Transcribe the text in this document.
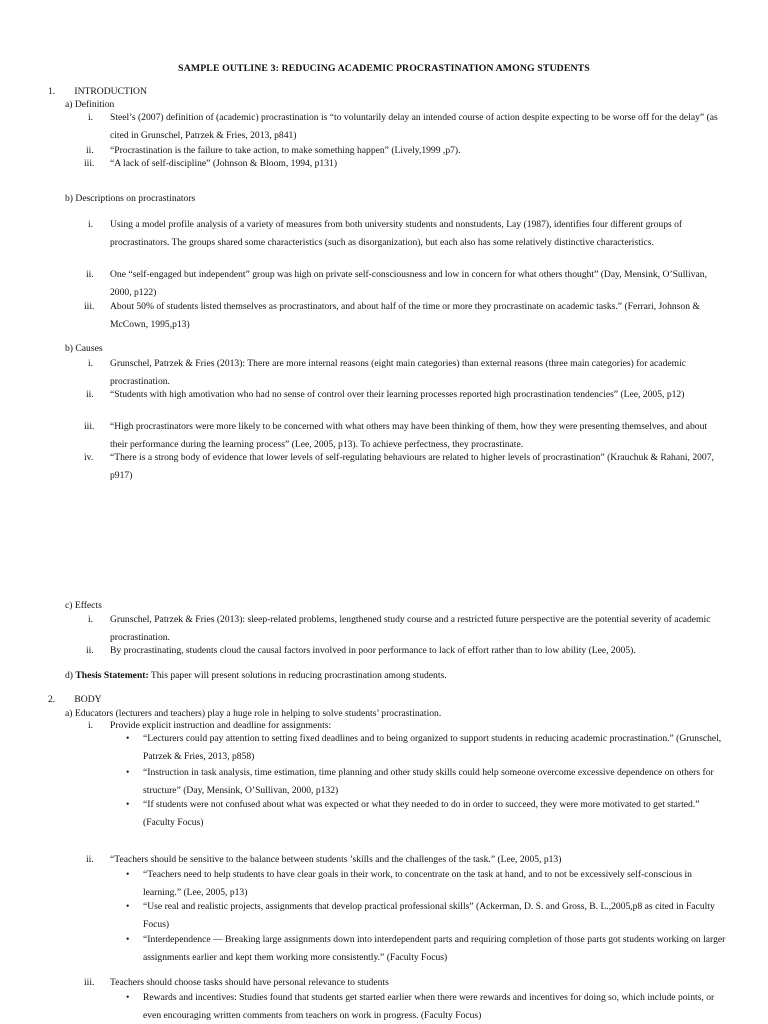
SAMPLE OUTLINE 3: REDUCING ACADEMIC PROCRASTINATION AMONG STUDENTS
1. INTRODUCTION
a) Definition
i.	Steel’s (2007) definition of (academic) procrastination is “to voluntarily delay an intended course of action despite expecting to be worse off for the delay” (as cited in Grunschel, Patrzek & Fries, 2013, p841)
ii.	“Procrastination is the failure to take action, to make something happen” (Lively,1999 ,p7).
iii.	“A lack of self-discipline” (Johnson & Bloom, 1994, p131)
b) Descriptions on procrastinators
i.	Using a model profile analysis of a variety of measures from both university students and nonstudents, Lay (1987), identifies four different groups of procrastinators. The groups shared some characteristics (such as disorganization), but each also has some relatively distinctive characteristics.
ii.	One “self-engaged but independent” group was high on private self-consciousness and low in concern for what others thought” (Day, Mensink, O’Sullivan, 2000, p122)
iii.	About 50% of students listed themselves as procrastinators, and about half of the time or more they procrastinate on academic tasks.” (Ferrari, Johnson & McCown, 1995,p13)
b) Causes
i.	Grunschel, Patrzek & Fries (2013): There are more internal reasons (eight main categories) than external reasons (three main categories) for academic procrastination.
ii.	“Students with high amotivation who had no sense of control over their learning processes reported high procrastination tendencies” (Lee, 2005, p12)
iii.	“High procrastinators were more likely to be concerned with what others may have been thinking of them, how they were presenting themselves, and about their performance during the learning process” (Lee, 2005, p13). To achieve perfectness, they procrastinate.
iv.	“There is a strong body of evidence that lower levels of self-regulating behaviours are related to higher levels of procrastination” (Krauchuk & Rahani, 2007, p917)
c) Effects
i.	Grunschel, Patrzek & Fries (2013): sleep-related problems, lengthened study course and a restricted future perspective are the potential severity of academic procrastination.
ii.	By procrastinating, students cloud the causal factors involved in poor performance to lack of effort rather than to low ability (Lee, 2005).
d) Thesis Statement: This paper will present solutions in reducing procrastination among students.
2. BODY
a) Educators (lecturers and teachers) play a huge role in helping to solve students’ procrastination.
i.	Provide explicit instruction and deadline for assignments:
•	“Lecturers could pay attention to setting fixed deadlines and to being organized to support students in reducing academic procrastination.” (Grunschel, Patrzek & Fries, 2013, p858)
•	“Instruction in task analysis, time estimation, time planning and other study skills could help someone overcome excessive dependence on others for structure” (Day, Mensink, O’Sullivan, 2000, p132)
•	“If students were not confused about what was expected or what they needed to do in order to succeed, they were more motivated to get started.” (Faculty Focus)
ii.	“Teachers should be sensitive to the balance between students ’skills and the challenges of the task.” (Lee, 2005, p13)
•	“Teachers need to help students to have clear goals in their work, to concentrate on the task at hand, and to not be excessively self-conscious in learning.” (Lee, 2005, p13)
•	“Use real and realistic projects, assignments that develop practical professional skills” (Ackerman, D. S. and Gross, B. L.,2005,p8 as cited in Faculty Focus)
•	“Interdependence — Breaking large assignments down into interdependent parts and requiring completion of those parts got students working on larger assignments earlier and kept them working more consistently.” (Faculty Focus)
iii.	Teachers should choose tasks should have personal relevance to students
•	Rewards and incentives: Studies found that students get started earlier when there were rewards and incentives for doing so, which include points, or even encouraging written comments from teachers on work in progress. (Faculty Focus)
